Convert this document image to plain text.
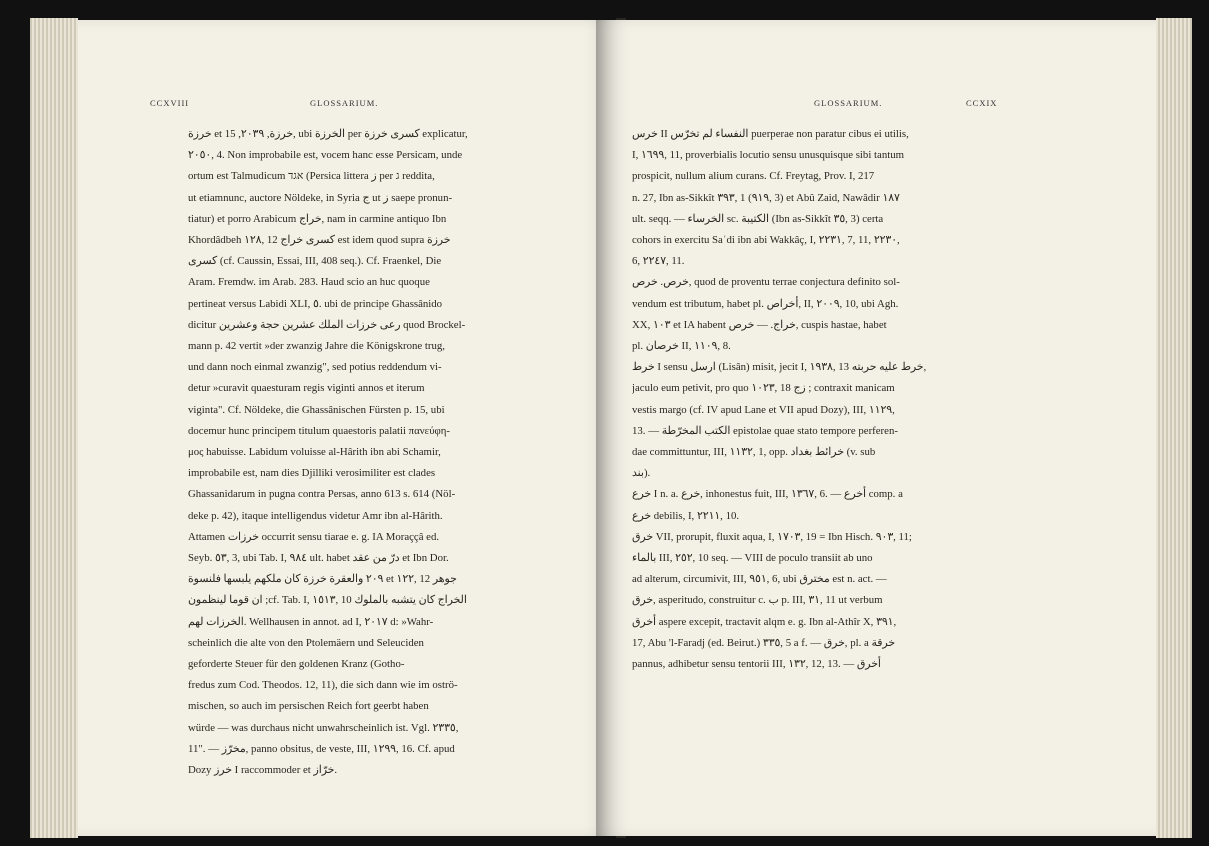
CCXVIII	GLOSSARIUM.
خرزة et خرزة, ٢٠٣٩, 15, ubi الخرزة per كسرى خرزة explicatur,
٢٠٥٠, 4. Non improbabile est, vocem hanc esse Persicam, unde
ortum est Talmudicum אגד (Persica littera ز per ג reddita,
ut etiamnunc, auctore Nöldeke, in Syria ج ut ز saepe pronun-
tiatur) et porro Arabicum خراج, nam in carmine antiquo Ibn
Khordâdbeh ١٢٨, 12 كسرى خراج est idem quod supra خرزة
كسرى (cf. Caussin, Essai, III, 408 seq.). Cf. Fraenkel, Die
Aram. Fremdw. im Arab. 283. Haud scio an huc quoque
pertineat versus Labidi XLI, ٥. ubi de principe Ghassânido
dicitur رعى خرزات الملك عشرين حجة وعشرين quod Brockel-
mann p. 42 vertit »der zwanzig Jahre die Königskrone trug,
und dann noch einmal zwanzig", sed potius reddendum vi-
detur »curavit quaesturam regis viginti annos et iterum
viginta". Cf. Nöldeke, die Ghassânischen Fürsten p. 15, ubi
docemur hunc principem titulum quaestoris palatii πανεύφη-
μος habuisse. Labidum voluisse al-Hârith ibn abi Schamir,
improbabile est, nam dies Djilliki verosimiliter est clades
Ghassanidarum in pugna contra Persas, anno 613 s. 614 (Nöl-
deke p. 42), itaque intelligendus videtur Amr ibn al-Hârith.
Attamen خرزات occurrit sensu tiarae e. g. IA Moraççâ ed.
Seyb. ٥٣, 3, ubi Tab. I, ٩٨٤ ult. habet درّ من عقد et Ibn Dor.
٢٠٩ والعقرة خرزة كان ملكهم يلبسها فلنسوة et ١٢٢, 12 جوهر
ان قوما لينظمون ;cf. Tab. I, ١٥١٣, 10 الخراج كان يتشبه بالملوك
الخرزات لهم. Wellhausen in annot. ad I, ٢٠١٧ d: »Wahr-
scheinlich die alte von den Ptolemäern und Seleuciden
geforderte Steuer für den goldenen Kranz (Gotho-
fredus zum Cod. Theodos. 12, 11), die sich dann wie im oströ-
mischen, so auch im persischen Reich fort geerbt haben
würde — was durchaus nicht unwahrscheinlich ist. Vgl. ٢٣٣٥,
11". — مخرّز, panno obsitus, de veste, III, ١٢٩٩, 16. Cf. apud
Dozy خرز I raccommoder et خرّاز.
GLOSSARIUM.	CCXIX
خرس II النفساء لم تخرّس puerperae non paratur cibus ei utilis,
I, ١٦٩٩, 11, proverbialis locutio sensu unusquisque sibi tantum
prospicit, nullum alium curans. Cf. Freytag, Prov. I, 217
n. 27, Ibn as-Sikkît ٣٩٣, 1 (٩١٩, 3) et Abû Zaid, Nawâdir ١٨٧
ult. seqq. — الخرساء sc. الكتيبة (Ibn as-Sikkît ٣٥, 3) certa
cohors in exercitu Saʿdi ibn abi Wakkâç, I, ٢٢٣١, 7, 11, ٢٢٣٠,
6, ٢٢٤٧, 11.
خرص. خرص, quod de proventu terrae conjectura definito sol-
vendum est tributum, habet pl. أخراص, II, ٢٠٠٩, 10, ubi Agh.
XX, ١٠٣ et IA habent خراج. — خرص, cuspis hastae, habet
pl. خرصان II, ١١٠٩, 8.
خرط I sensu ارسل (Lisân) misit, jecit I, ١٩٣٨, 13 خرط عليه حربته,
jaculo eum petivit, pro quo ١٠٢٣, 18 زج ; contraxit manicam
vestis margo (cf. IV apud Lane et VII apud Dozy), III, ١١٢٩,
13. — الكتب المخرّطة epistolae quae stato tempore perferen-
dae committuntur, III, ١١٣٢, 1, opp. خرائط بغداد (v. sub
بند).
خرع I n. a. خرع, inhonestus fuit, III, ١٣٦٧, 6. — أخرع comp. a
خرع debilis, I, ٢٢١١, 10.
خرق VII, prorupit, fluxit aqua, I, ١٧٠٣, 19 = Ibn Hisch. ٩٠٣, 11;
بالماء III, ٢٥٢, 10 seq. — VIII de poculo transiit ab uno
ad alterum, circumivit, III, ٩٥١, 6, ubi مخترق est n. act. —
خرق, asperitudo, construitur c. ب p. III, ٣١, 11 ut verbum
أخرق aspere excepit, tractavit alqm e. g. Ibn al-Athîr X, ٣٩١,
17, Abu 'l-Faradj (ed. Beirut.) ٣٣٥, 5 a f. — خرق, pl. a خرقة
pannus, adhibetur sensu tentorii III, ١٣٢, 12, 13. — أخرق
